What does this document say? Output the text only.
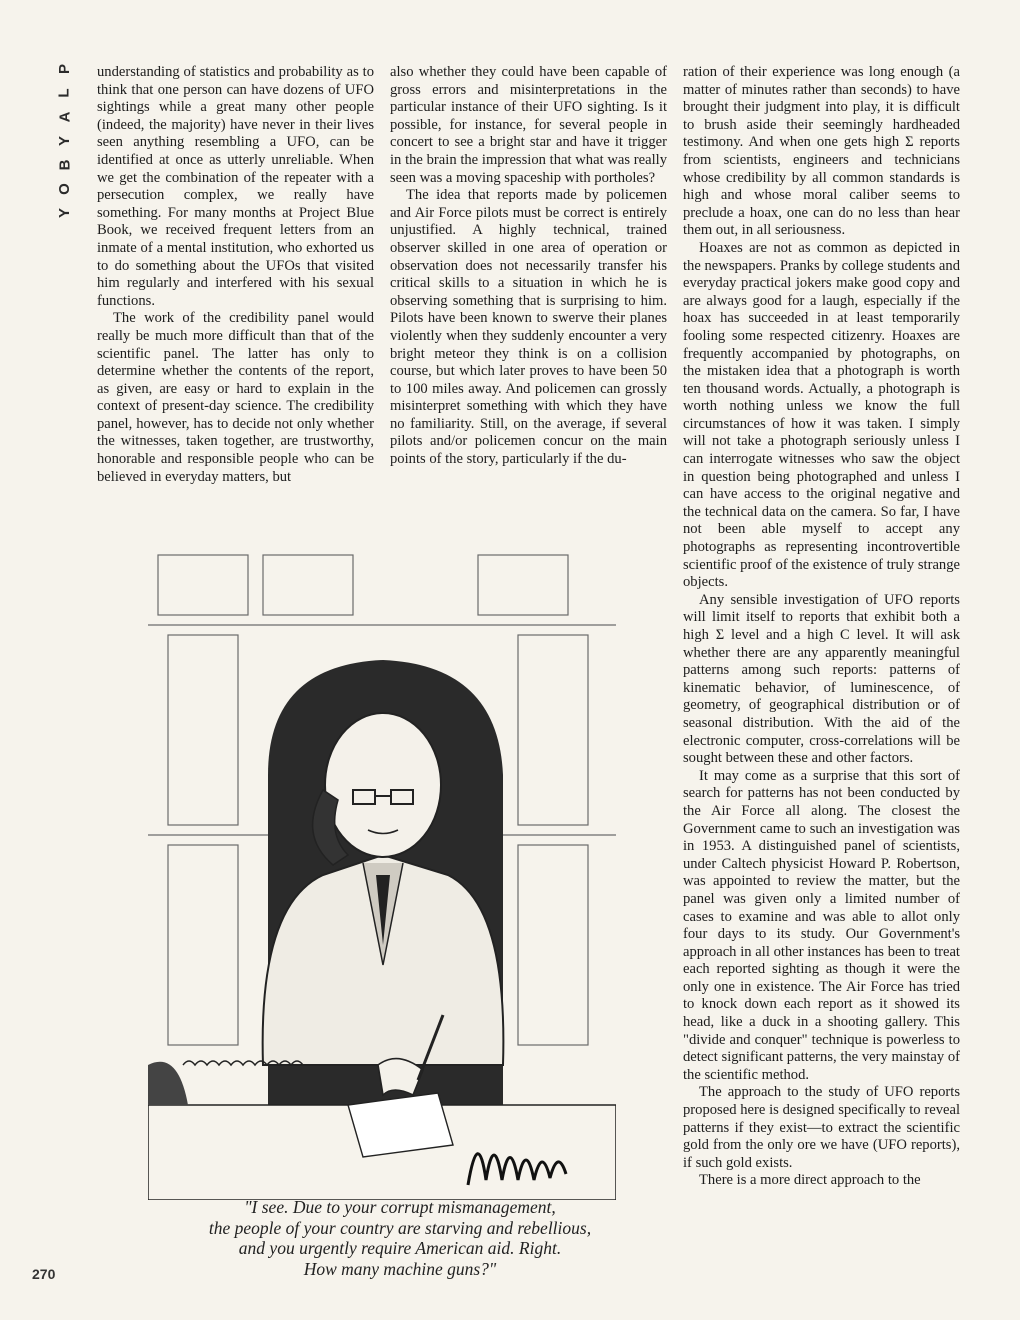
P
L
A
Y
B
O
Y

understanding of statistics and probability as to think that one person can have dozens of UFO sightings while a great many other people (indeed, the majority) have never in their lives seen anything resembling a UFO, can be identified at once as utterly unreliable. When we get the combination of the repeater with a persecution complex, we really have something. For many months at Project Blue Book, we received frequent letters from an inmate of a mental institution, who exhorted us to do something about the UFOs that visited him regularly and interfered with his sexual functions.

The work of the credibility panel would really be much more difficult than that of the scientific panel. The latter has only to determine whether the contents of the report, as given, are easy or hard to explain in the context of present-day science. The credibility panel, however, has to decide not only whether the witnesses, taken together, are trustworthy, honorable and responsible people who can be believed in everyday matters, but

also whether they could have been capable of gross errors and misinterpretations in the particular instance of their UFO sighting. Is it possible, for instance, for several people in concert to see a bright star and have it trigger in the brain the impression that what was really seen was a moving spaceship with portholes?

The idea that reports made by policemen and Air Force pilots must be correct is entirely unjustified. A highly technical, trained observer skilled in one area of operation or observation does not necessarily transfer his critical skills to a situation in which he is observing something that is surprising to him. Pilots have been known to swerve their planes violently when they suddenly encounter a very bright meteor they think is on a collision course, but which later proves to have been 50 to 100 miles away. And policemen can grossly misinterpret something with which they have no familiarity. Still, on the average, if several pilots and/or policemen concur on the main points of the story, particularly if the du-

ration of their experience was long enough (a matter of minutes rather than seconds) to have brought their judgment into play, it is difficult to brush aside their seemingly hardheaded testimony. And when one gets high Σ reports from scientists, engineers and technicians whose credibility by all common standards is high and whose moral caliber seems to preclude a hoax, one can do no less than hear them out, in all seriousness.

Hoaxes are not as common as depicted in the newspapers. Pranks by college students and everyday practical jokers make good copy and are always good for a laugh, especially if the hoax has succeeded in at least temporarily fooling some respected citizenry. Hoaxes are frequently accompanied by photographs, on the mistaken idea that a photograph is worth ten thousand words. Actually, a photograph is worth nothing unless we know the full circumstances of how it was taken. I simply will not take a photograph seriously unless I can interrogate witnesses who saw the object in question being photographed and unless I can have access to the original negative and the technical data on the camera. So far, I have not been able myself to accept any photographs as representing incontrovertible scientific proof of the existence of truly strange objects.

Any sensible investigation of UFO reports will limit itself to reports that exhibit both a high Σ level and a high C level. It will ask whether there are any apparently meaningful patterns among such reports: patterns of kinematic behavior, of luminescence, of geometry, of geographical distribution or of seasonal distribution. With the aid of the electronic computer, cross-correlations will be sought between these and other factors.

It may come as a surprise that this sort of search for patterns has not been conducted by the Air Force all along. The closest the Government came to such an investigation was in 1953. A distinguished panel of scientists, under Caltech physicist Howard P. Robertson, was appointed to review the matter, but the panel was given only a limited number of cases to examine and was able to allot only four days to its study. Our Government's approach in all other instances has been to treat each reported sighting as though it were the only one in existence. The Air Force has tried to knock down each report as it showed its head, like a duck in a shooting gallery. This "divide and conquer" technique is powerless to detect significant patterns, the very mainstay of the scientific method.

The approach to the study of UFO reports proposed here is designed specifically to reveal patterns if they exist—to extract the scientific gold from the only ore we have (UFO reports), if such gold exists.

There is a more direct approach to the

"I see. Due to your corrupt mismanagement,
the people of your country are starving and rebellious,
and you urgently require American aid. Right.
How many machine guns?"
270
